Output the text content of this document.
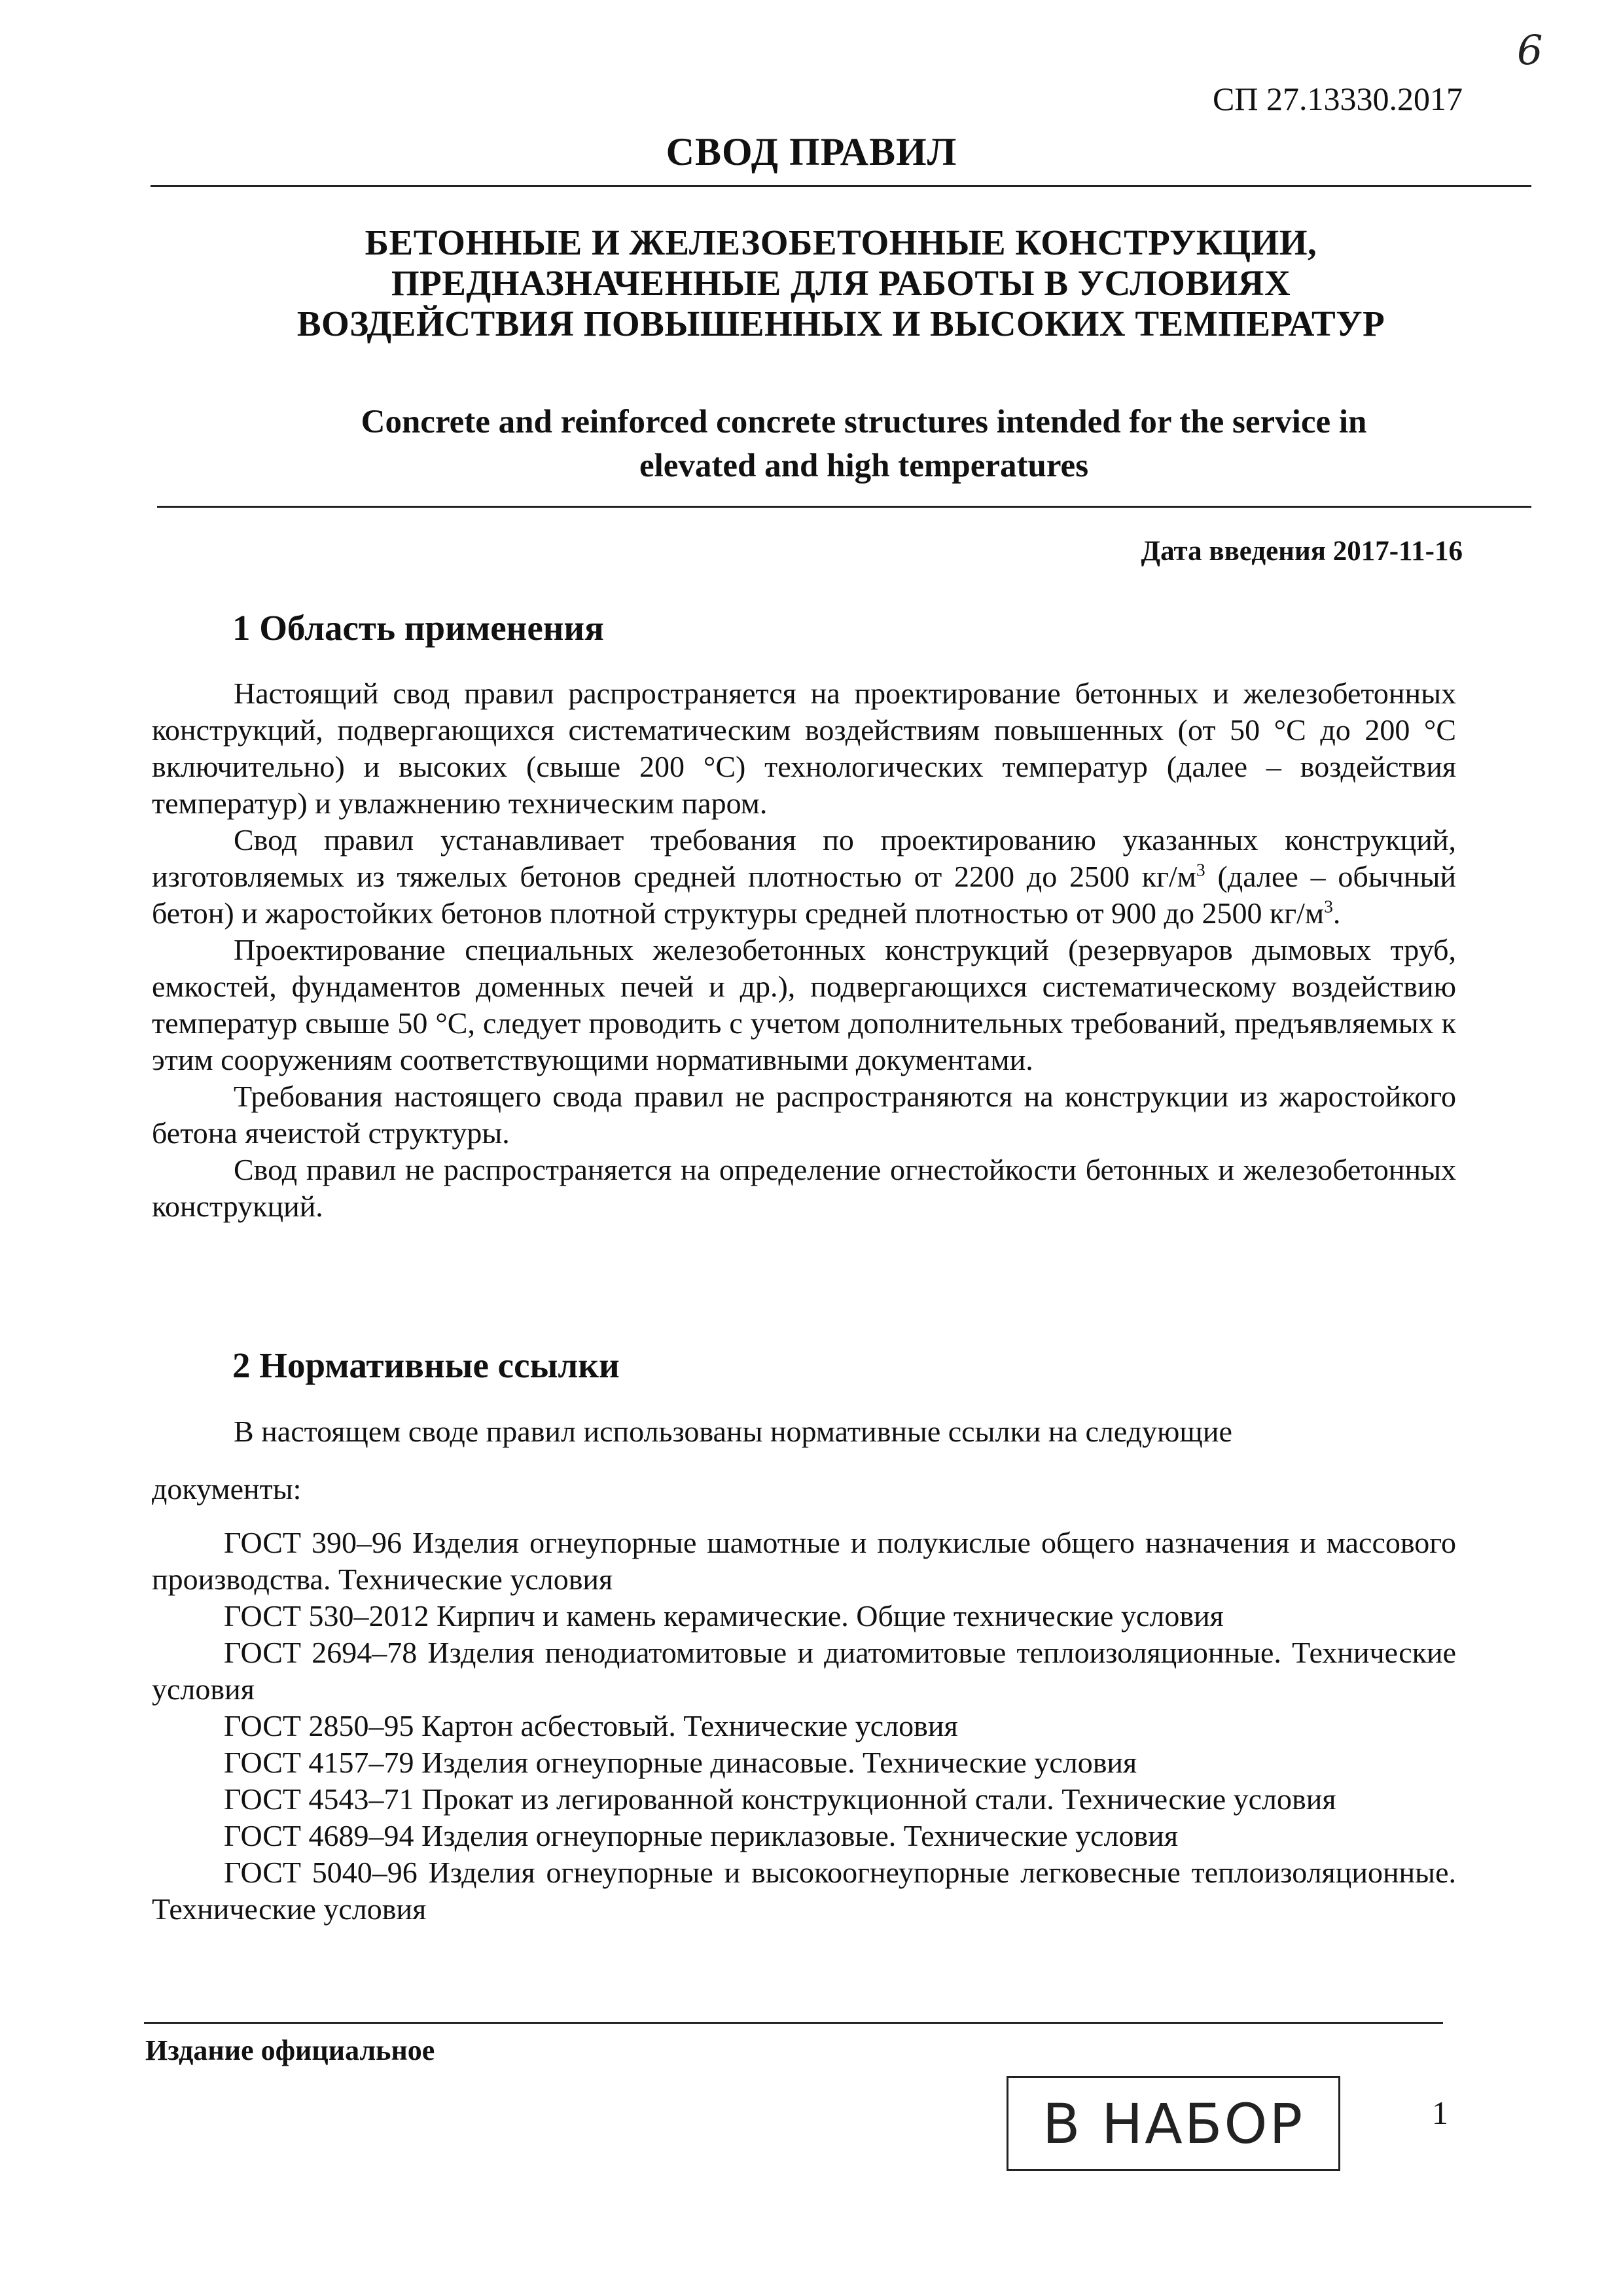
6
СП 27.13330.2017
СВОД ПРАВИЛ
БЕТОННЫЕ И ЖЕЛЕЗОБЕТОННЫЕ КОНСТРУКЦИИ,
ПРЕДНАЗНАЧЕННЫЕ ДЛЯ РАБОТЫ В УСЛОВИЯХ
ВОЗДЕЙСТВИЯ ПОВЫШЕННЫХ И ВЫСОКИХ ТЕМПЕРАТУР
Concrete and reinforced concrete structures intended for the service in
elevated and high temperatures
Дата введения 2017-11-16
1 Область применения

Настоящий свод правил распространяется на проектирование бетонных и железобетонных конструкций, подвергающихся систематическим воздействиям повышенных (от 50 °С до 200 °С включительно) и высоких (свыше 200 °С) технологических температур (далее – воздействия температур) и увлажнению техническим паром.

Свод правил устанавливает требования по проектированию указанных конструкций, изготовляемых из тяжелых бетонов средней плотностью от 2200 до 2500 $кг/м^3$ (далее – обычный бетон) и жаростойких бетонов плотной структуры средней плотностью от 900 до 2500 $кг/м^3$.

Проектирование специальных железобетонных конструкций (резервуаров дымовых труб, емкостей, фундаментов доменных печей и др.), подвергающихся систематическому воздействию температур свыше 50 °С, следует проводить с учетом дополнительных требований, предъявляемых к этим сооружениям соответствующими нормативными документами.

Требования настоящего свода правил не распространяются на конструкции из жаростойкого бетона ячеистой структуры.

Свод правил не распространяется на определение огнестойкости бетонных и железобетонных конструкций.

2 Нормативные ссылки

В настоящем своде правил использованы нормативные ссылки на следующие

документы:

ГОСТ 390–96 Изделия огнеупорные шамотные и полукислые общего назначения и массового производства. Технические условия

ГОСТ 530–2012 Кирпич и камень керамические. Общие технические условия

ГОСТ 2694–78 Изделия пенодиатомитовые и диатомитовые теплоизоляционные. Технические условия

ГОСТ 2850–95 Картон асбестовый. Технические условия

ГОСТ 4157–79 Изделия огнеупорные динасовые. Технические условия

ГОСТ 4543–71 Прокат из легированной конструкционной стали. Технические условия

ГОСТ 4689–94 Изделия огнеупорные периклазовые. Технические условия

ГОСТ 5040–96 Изделия огнеупорные и высокоогнеупорные легковесные теплоизоляционные. Технические условия

Издание официальное
В НАБОР	1
